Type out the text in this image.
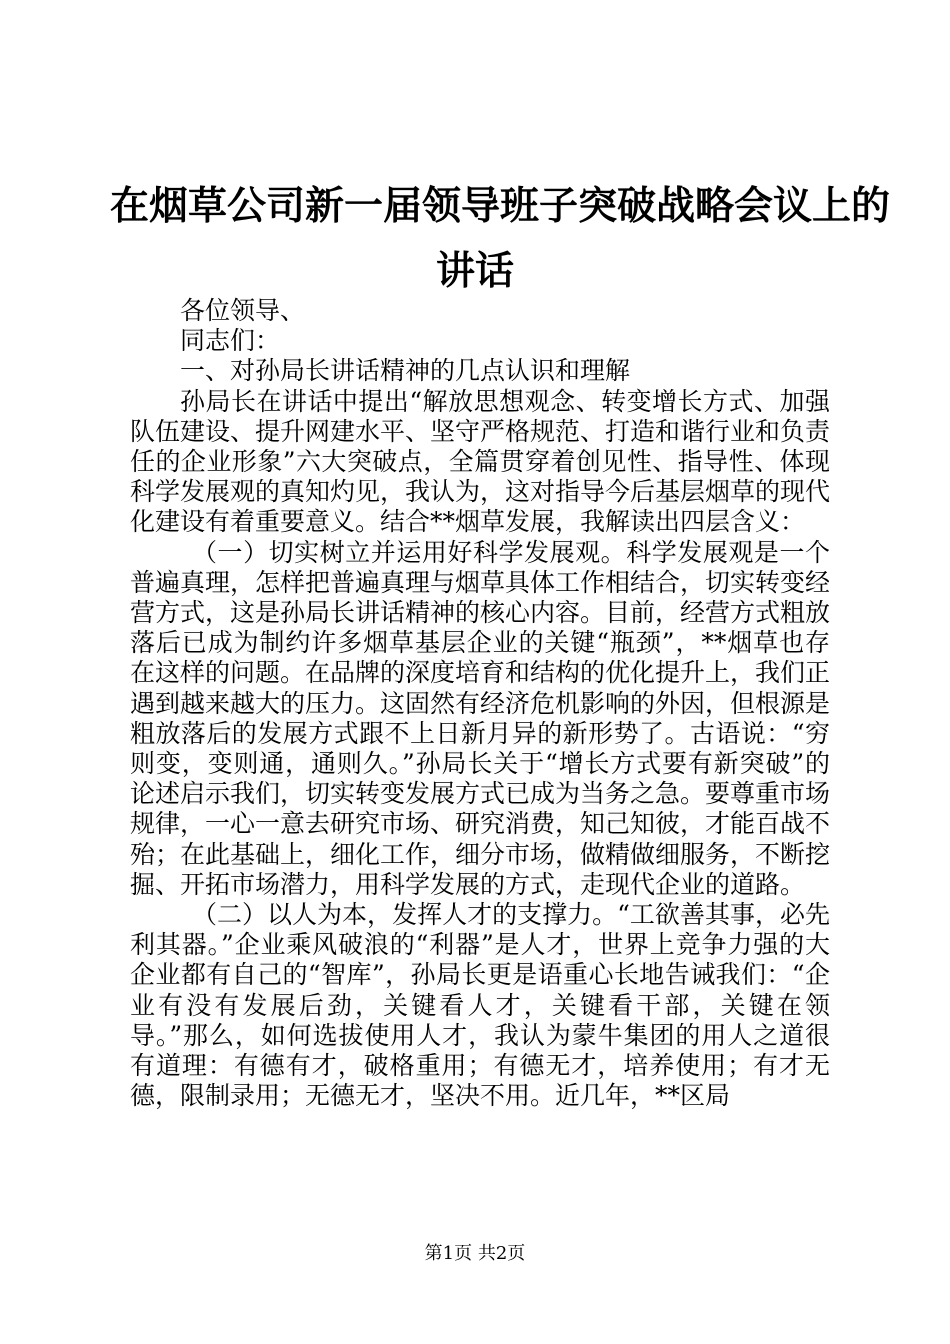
在烟草公司新一届领导班子突破战略会议上的
讲话

各位领导、

同志们：

一、对孙局长讲话精神的几点认识和理解

孙局长在讲话中提出“解放思想观念、转变增长方式、加强队伍建设、提升网建水平、坚守严格规范、打造和谐行业和负责任的企业形象”六大突破点，全篇贯穿着创见性、指导性、体现科学发展观的真知灼见，我认为，这对指导今后基层烟草的现代化建设有着重要意义。结合**烟草发展，我解读出四层含义：

（一）切实树立并运用好科学发展观。科学发展观是一个普遍真理，怎样把普遍真理与烟草具体工作相结合，切实转变经营方式，这是孙局长讲话精神的核心内容。目前，经营方式粗放落后已成为制约许多烟草基层企业的关键“瓶颈”，**烟草也存在这样的问题。在品牌的深度培育和结构的优化提升上，我们正遇到越来越大的压力。这固然有经济危机影响的外因，但根源是粗放落后的发展方式跟不上日新月异的新形势了。古语说：“穷则变，变则通，通则久。”孙局长关于“增长方式要有新突破”的论述启示我们，切实转变发展方式已成为当务之急。要尊重市场规律，一心一意去研究市场、研究消费，知己知彼，才能百战不殆；在此基础上，细化工作，细分市场，做精做细服务，不断挖掘、开拓市场潜力，用科学发展的方式，走现代企业的道路。

（二）以人为本，发挥人才的支撑力。“工欲善其事，必先利其器。”企业乘风破浪的“利器”是人才，世界上竞争力强的大企业都有自己的“智库”，孙局长更是语重心长地告诫我们：“企业有没有发展后劲，关键看人才，关键看干部，关键在领导。”那么，如何选拔使用人才，我认为蒙牛集团的用人之道很有道理：有德有才，破格重用；有德无才，培养使用；有才无德，限制录用；无德无才，坚决不用。近几年，**区局

第1页 共2页
